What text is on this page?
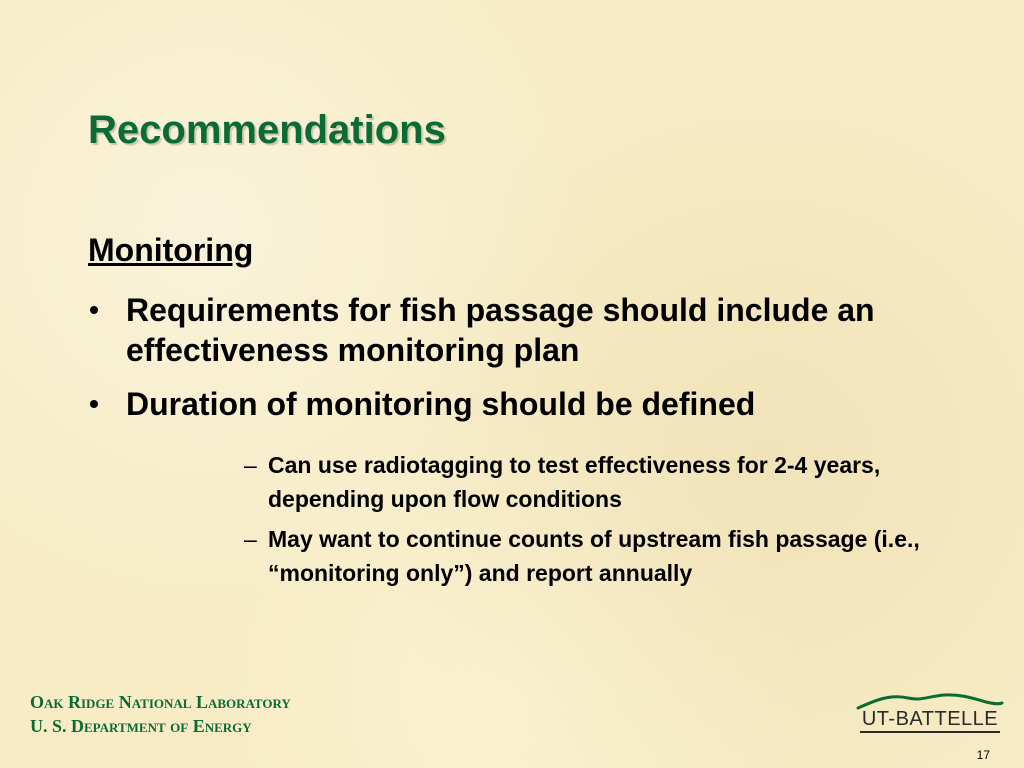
Recommendations
Monitoring
Requirements for fish passage should include an effectiveness monitoring plan
Duration of monitoring should be defined
– Can use radiotagging to test effectiveness for 2-4 years, depending upon flow conditions
– May want to continue counts of upstream fish passage (i.e., “monitoring only”) and report annually
Oak Ridge National Laboratory
U. S. Department of Energy	UT-BATTELLE
17
